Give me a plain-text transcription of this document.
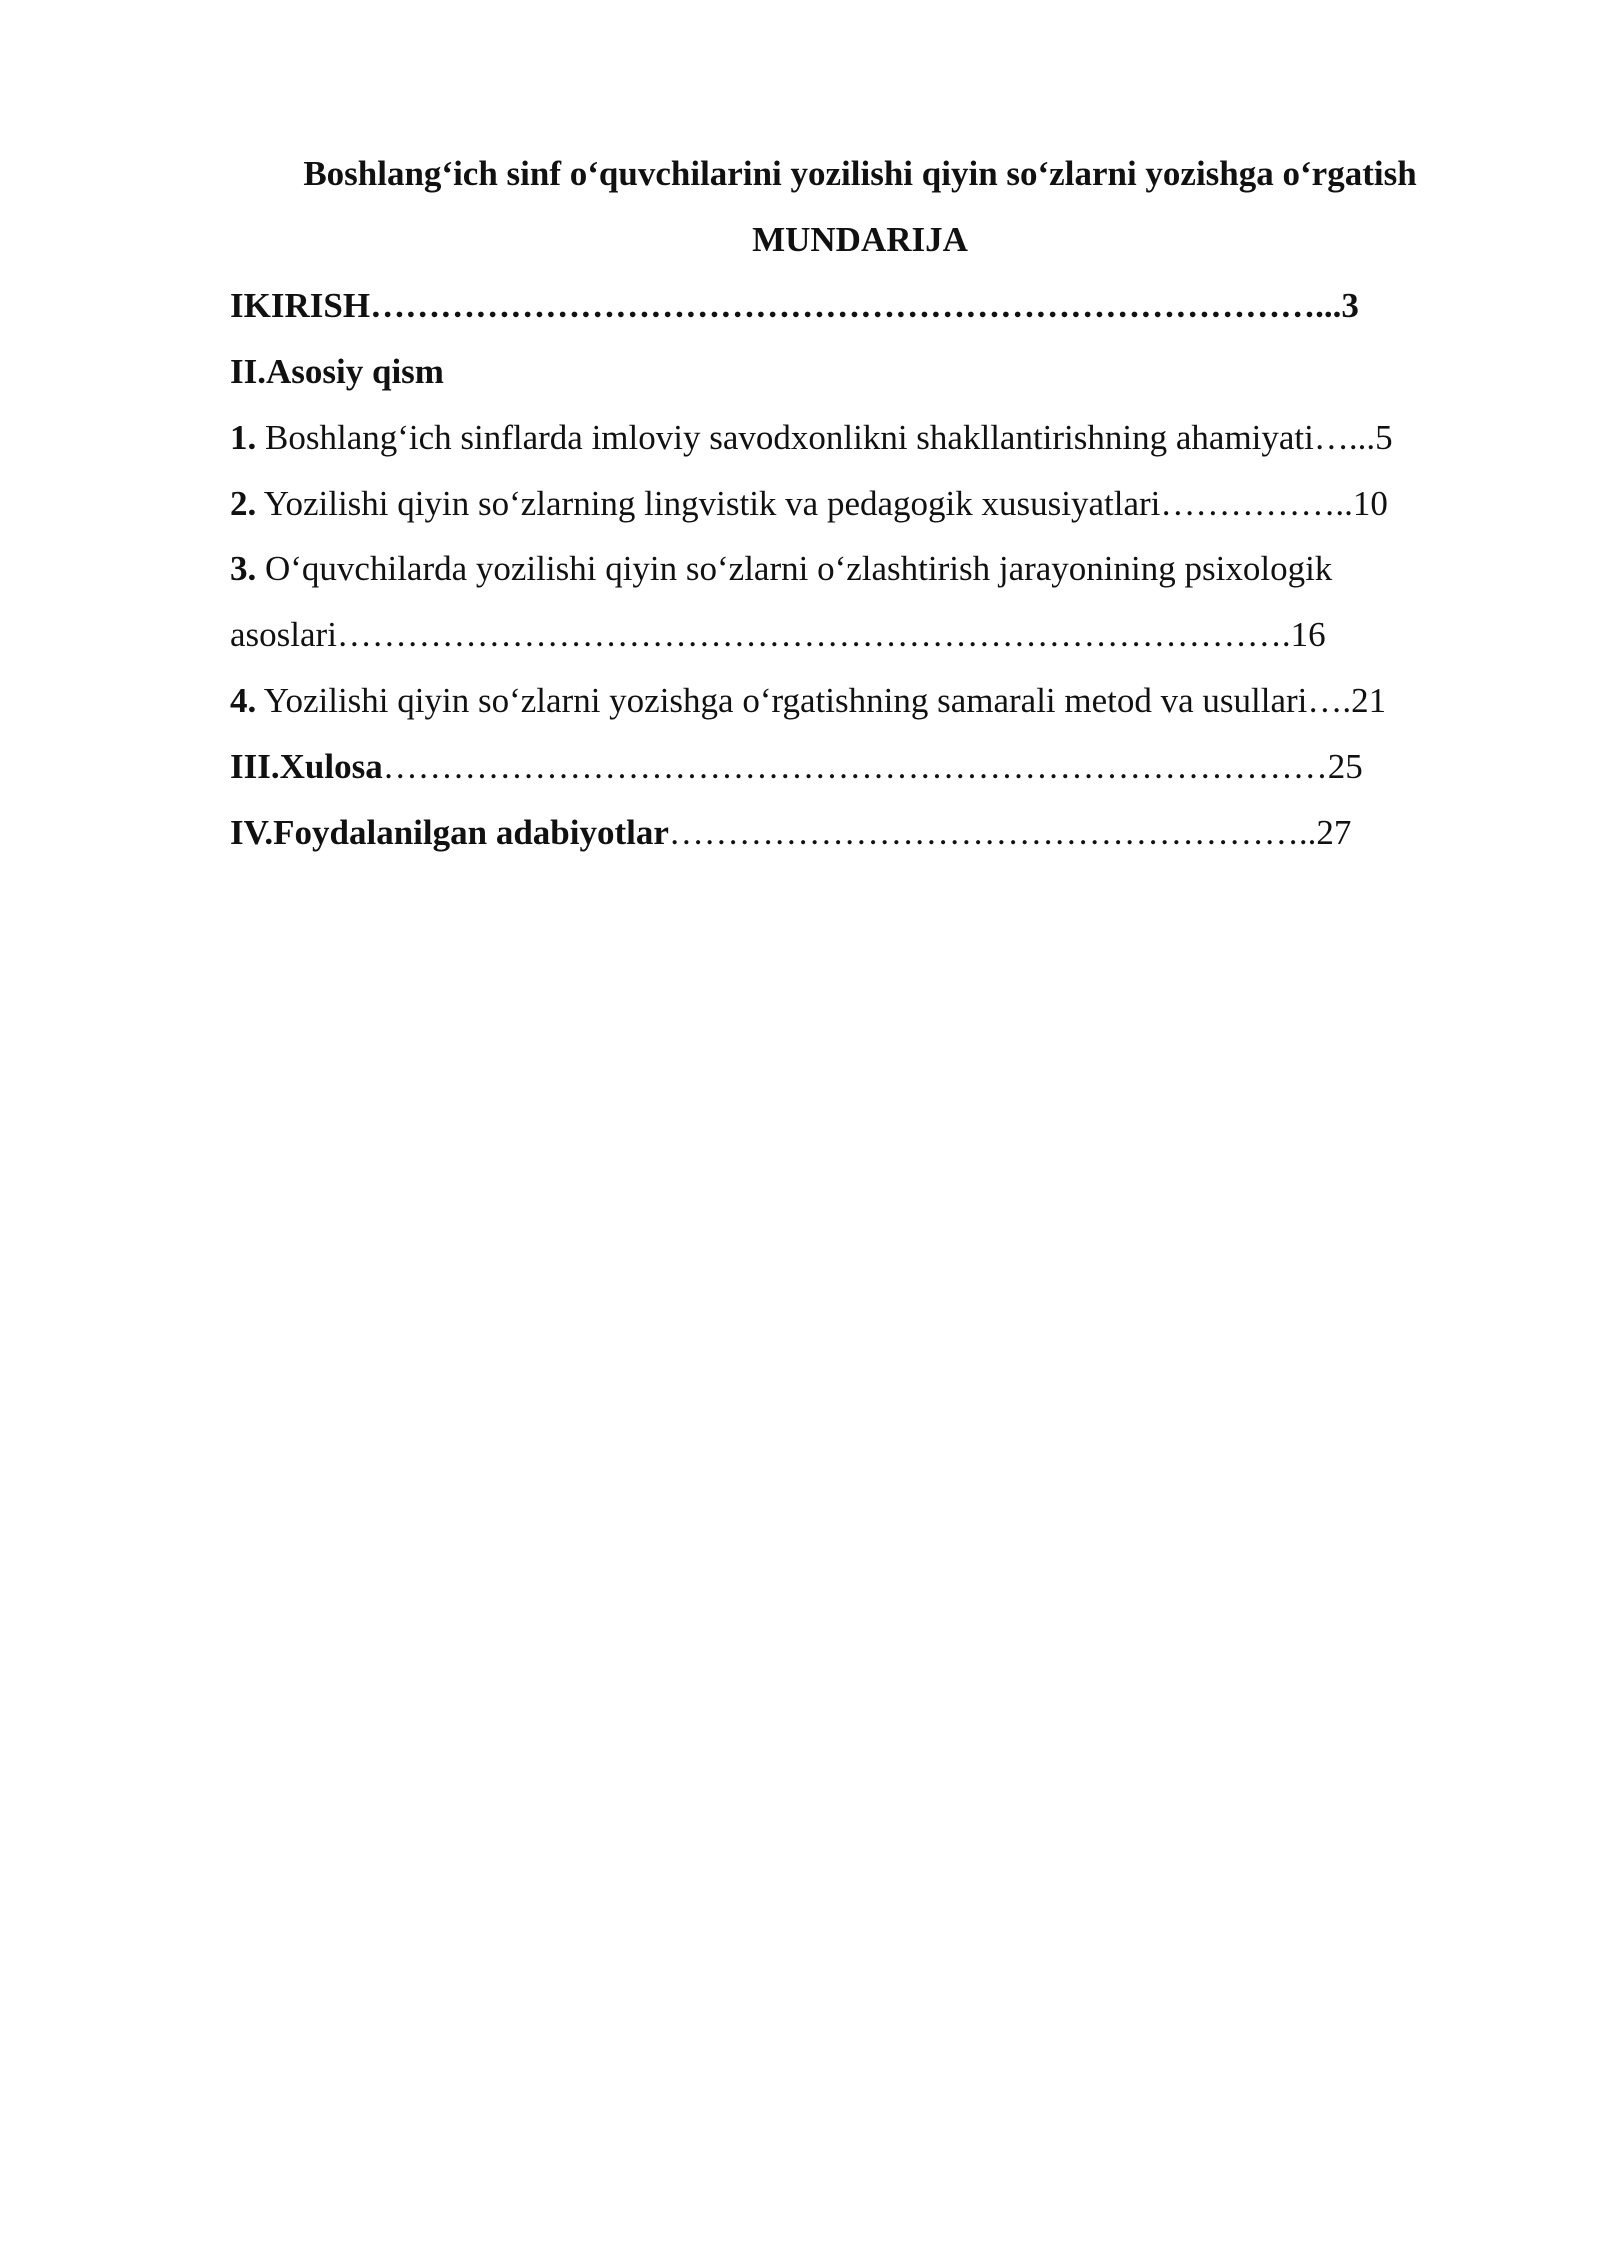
Boshlang‘ich sinf o‘quvchilarini yozilishi qiyin so‘zlarni yozishga o‘rgatish
MUNDARIJA
IKIRISH………………………………………………………………………...3
II.Asosiy qism
1. Boshlang‘ich sinflarda imloviy savodxonlikni shakllantirishning ahamiyati…...5
2. Yozilishi qiyin so‘zlarning lingvistik va pedagogik xususiyatlari……………..10
3. O‘quvchilarda yozilishi qiyin so‘zlarni o‘zlashtirish jarayonining psixologik
asoslari……………………………………………………………………….16
4. Yozilishi qiyin so‘zlarni yozishga o‘rgatishning samarali metod va usullari….21
III.Xulosa………………………………………………………………………25
IV.Foydalanilgan adabiyotlar………………………………………………..27
